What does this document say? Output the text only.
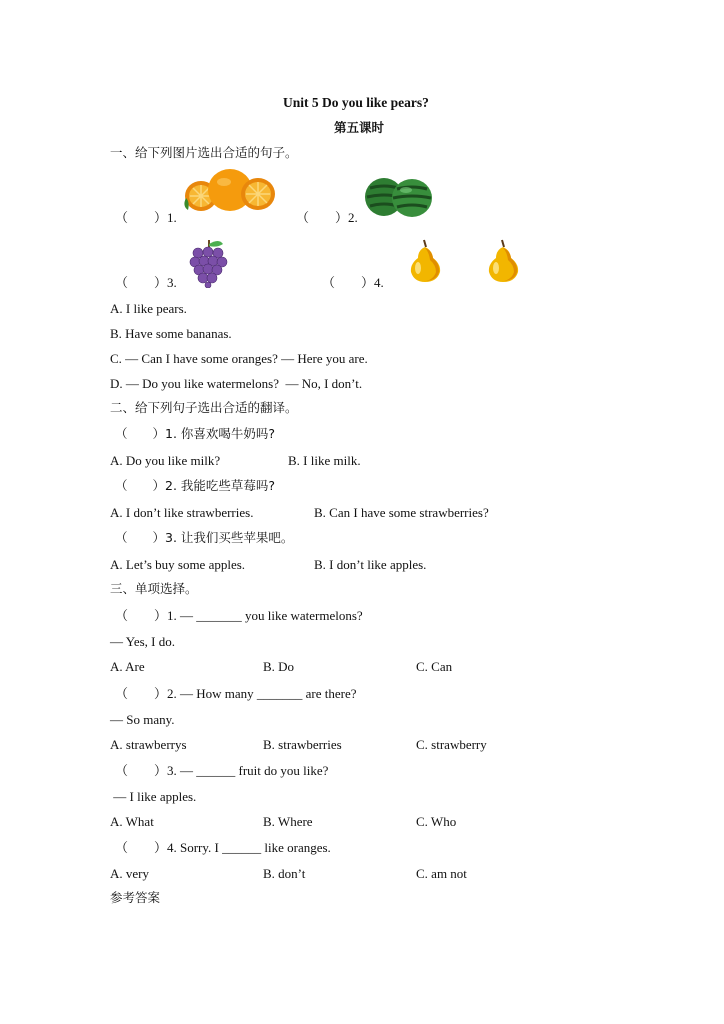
Unit 5 Do you like pears?
第五课时
一、给下列图片选出合适的句子。
（　　）1.	（　　）2.
（　　）3.	（　　）4.
A. I like pears.
B. Have some bananas.
C. — Can I have some oranges? — Here you are.
D. — Do you like watermelons?  — No, I don’t.
二、给下列句子选出合适的翻译。
（　　）1. 你喜欢喝牛奶吗?
A. Do you like milk?	B. I like milk.
（　　）2. 我能吃些草莓吗?
A. I don’t like strawberries.	B. Can I have some strawberries?
（　　）3. 让我们买些苹果吧。
A. Let’s buy some apples.	B. I don’t like apples.
三、单项选择。
（　　）1. — _______ you like watermelons?
— Yes, I do.
A. Are	B. Do	C. Can
（　　）2. — How many _______ are there?
— So many.
A. strawberrys	B. strawberries	C. strawberry
（　　）3. — ______ fruit do you like?
— I like apples.
A. What	B. Where	C. Who
（　　）4. Sorry. I ______ like oranges.
A. very	B. don’t	C. am not
参考答案
